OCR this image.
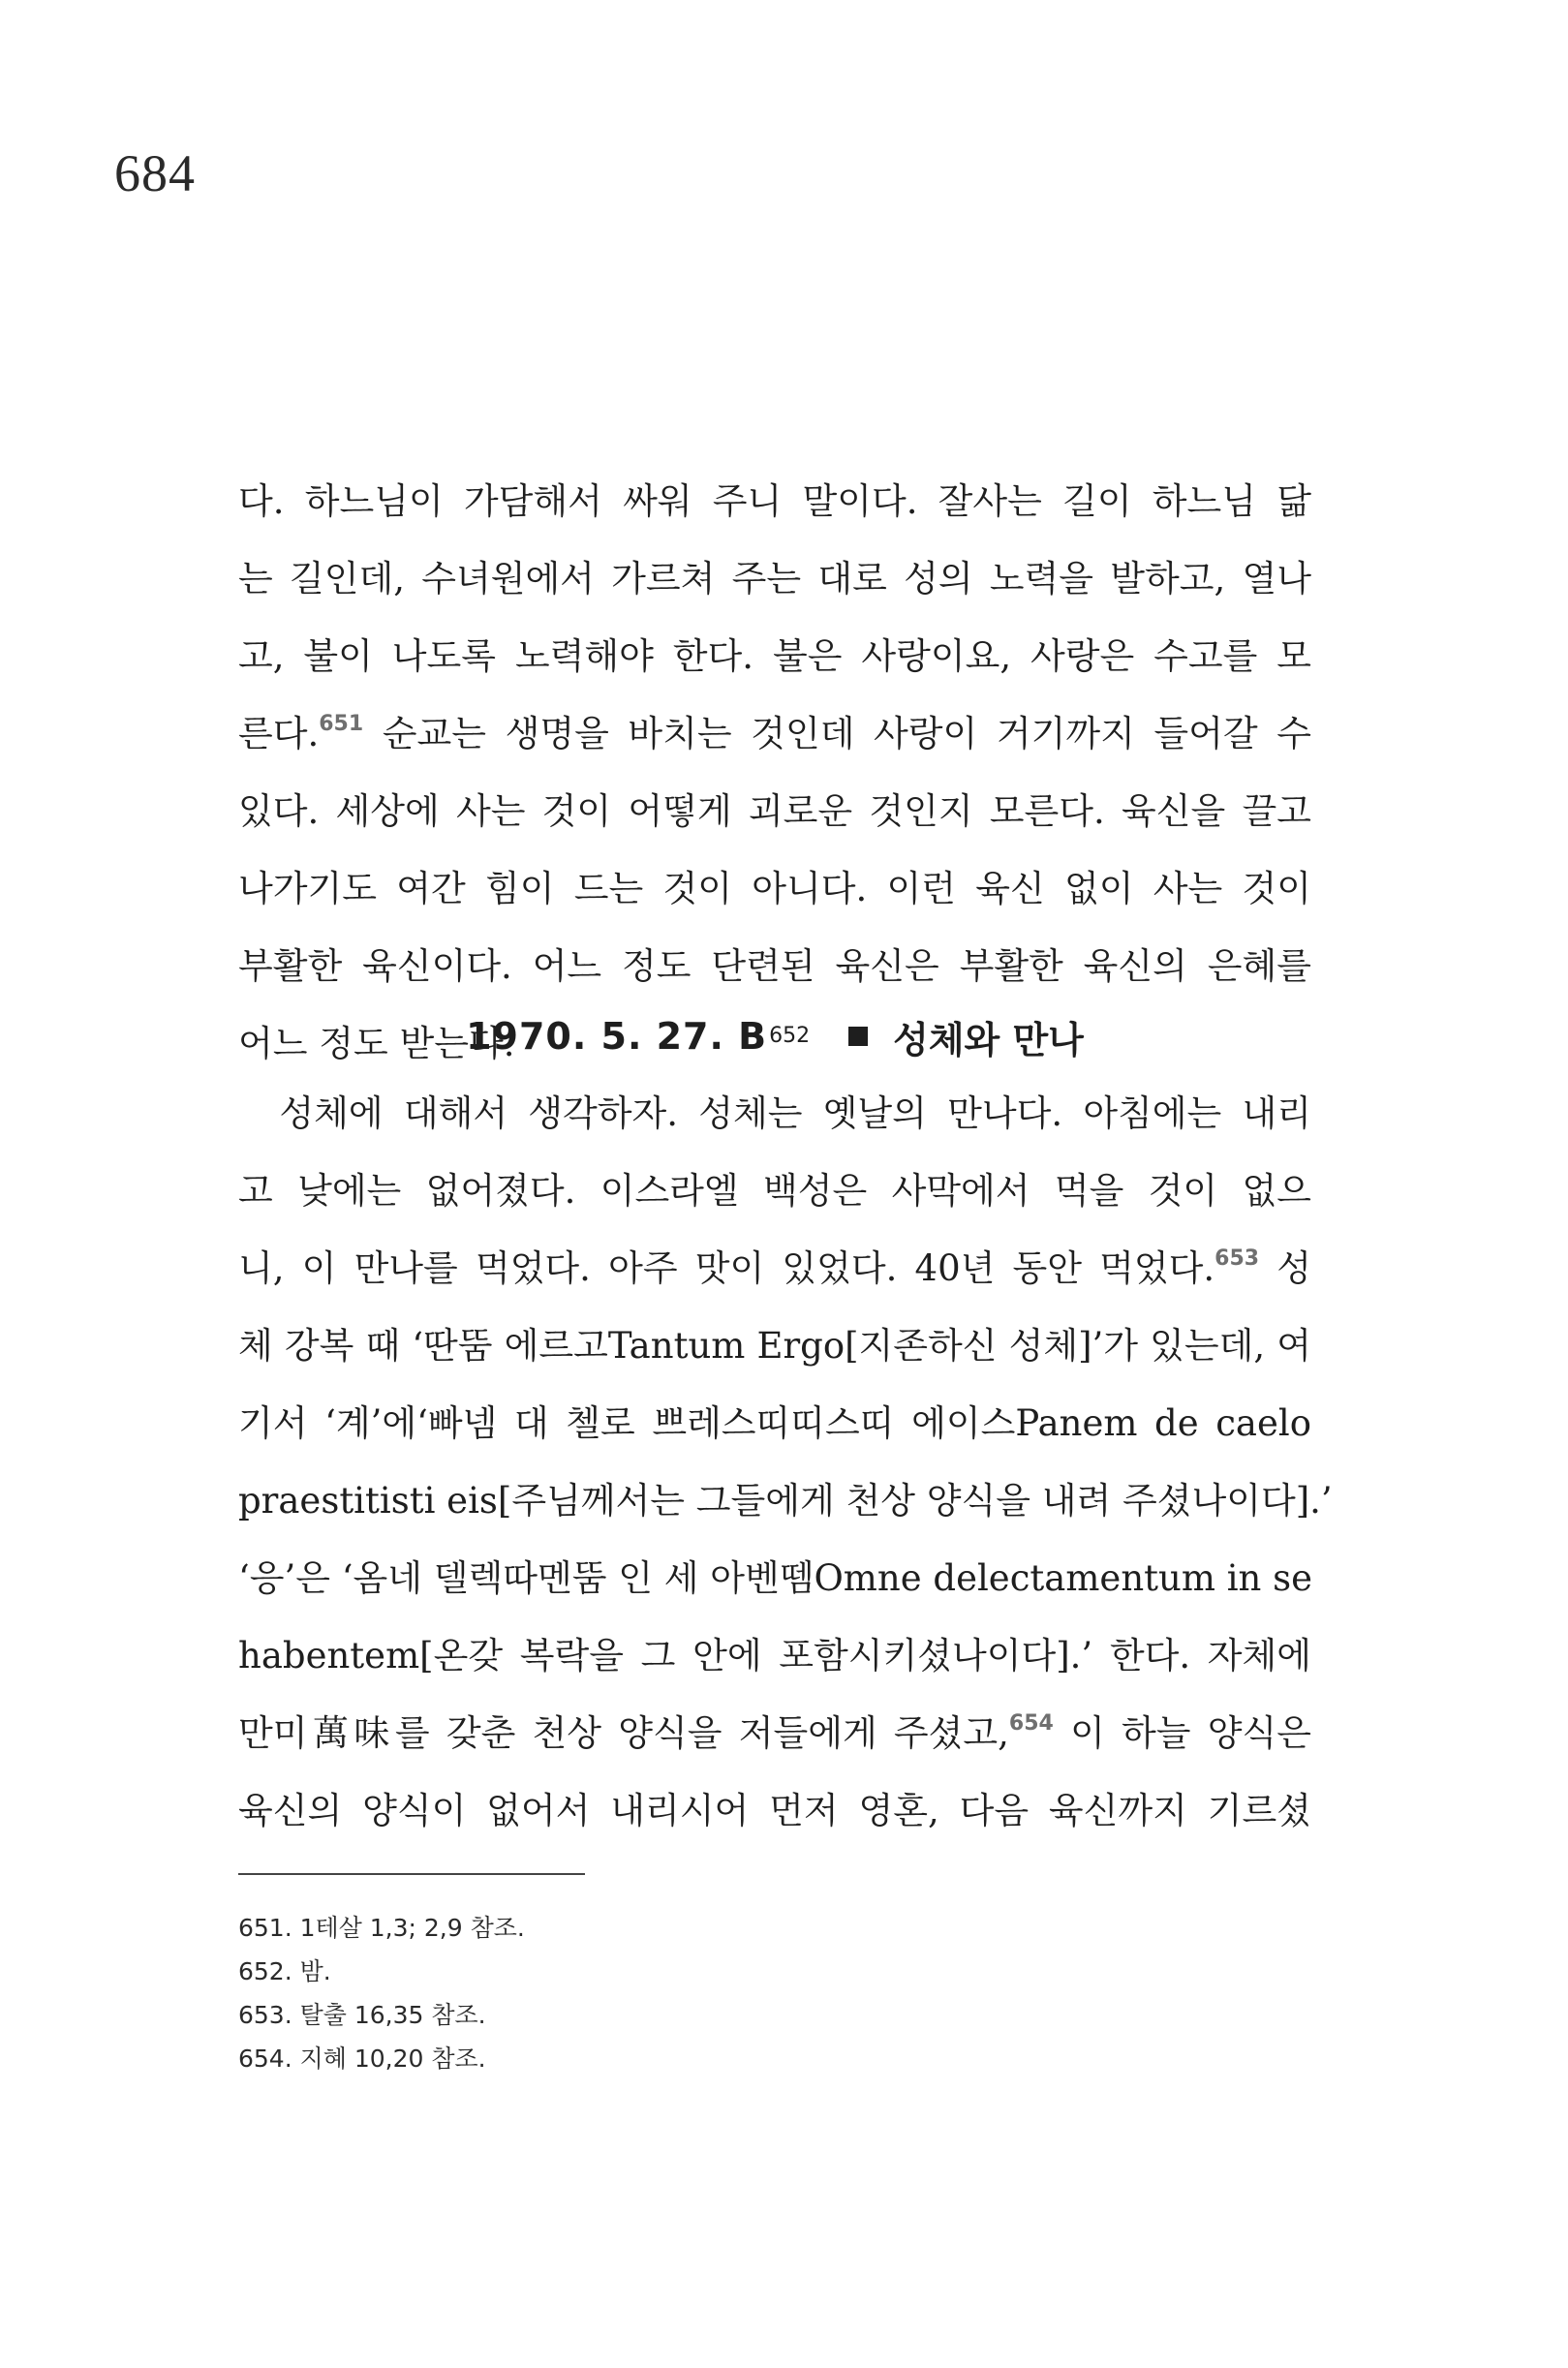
684
다. 하느님이 가담해서 싸워 주니 말이다. 잘사는 길이 하느님 닮
는 길인데, 수녀원에서 가르쳐 주는 대로 성의 노력을 발하고, 열나
고, 불이 나도록 노력해야 한다. 불은 사랑이요, 사랑은 수고를 모
른다.$^{651}$ 순교는 생명을 바치는 것인데 사랑이 거기까지 들어갈 수
있다. 세상에 사는 것이 어떻게 괴로운 것인지 모른다. 육신을 끌고
나가기도 여간 힘이 드는 것이 아니다. 이런 육신 없이 사는 것이
부활한 육신이다. 어느 정도 단련된 육신은 부활한 육신의 은혜를
어느 정도 받는다.
1970. 5. 27. B 652 성체와 만나
성체에 대해서 생각하자. 성체는 옛날의 만나다. 아침에는 내리
고 낮에는 없어졌다. 이스라엘 백성은 사막에서 먹을 것이 없으
니, 이 만나를 먹었다. 아주 맛이 있었다. 40년 동안 먹었다.$^{653}$ 성
체 강복 때 ‘딴뚬 에르고Tantum Ergo[지존하신 성체]’가 있는데, 여
기서 ‘계’에‘빠넴 대 첼로 쁘레스띠띠스띠 에이스Panem de caelo
praestitisti eis[주님께서는 그들에게 천상 양식을 내려 주셨나이다].’
‘응’은 ‘옴네 델렉따멘뚬 인 세 아벤뗌Omne delectamentum in se
habentem[온갖 복락을 그 안에 포함시키셨나이다].’ 한다. 자체에
만미萬味를 갖춘 천상 양식을 저들에게 주셨고,$^{654}$ 이 하늘 양식은
육신의 양식이 없어서 내리시어 먼저 영혼, 다음 육신까지 기르셨
651. 1테살 1,3; 2,9 참조.
652. 밤.
653. 탈출 16,35 참조.
654. 지혜 10,20 참조.
